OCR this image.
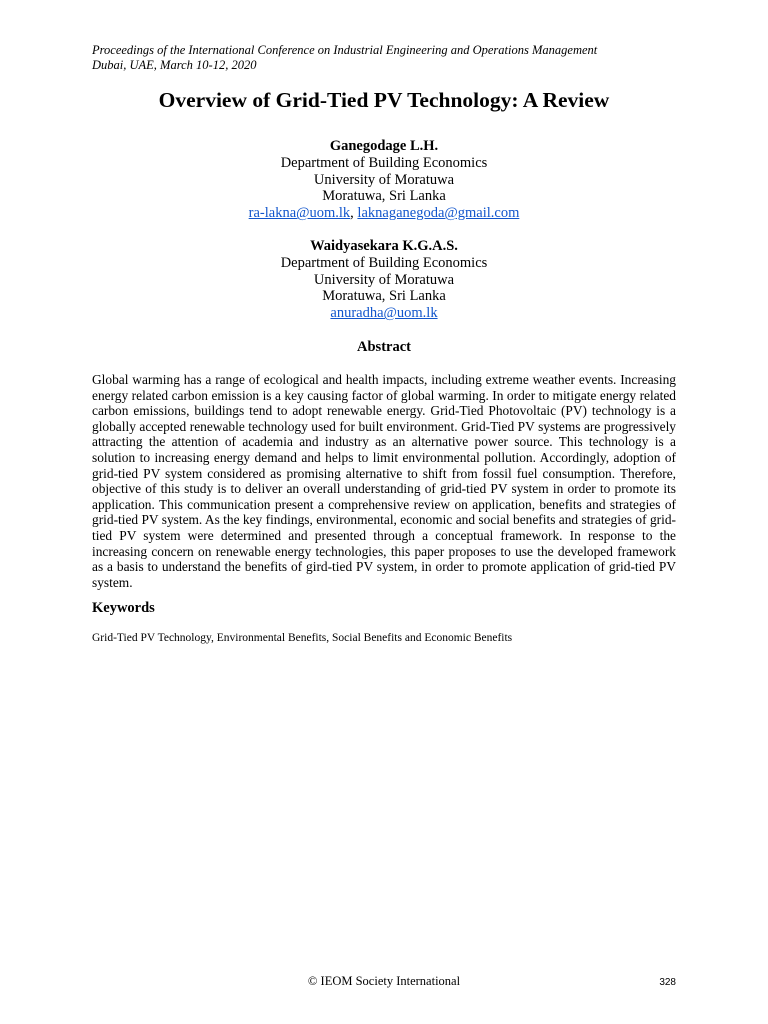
Proceedings of the International Conference on Industrial Engineering and Operations Management
Dubai, UAE, March 10-12, 2020
Overview of Grid-Tied PV Technology: A Review
Ganegodage L.H.
Department of Building Economics
University of Moratuwa
Moratuwa, Sri Lanka
ra-lakna@uom.lk, laknaganegoda@gmail.com
Waidyasekara K.G.A.S.
Department of Building Economics
University of Moratuwa
Moratuwa, Sri Lanka
anuradha@uom.lk
Abstract

Global warming has a range of ecological and health impacts, including extreme weather events. Increasing energy related carbon emission is a key causing factor of global warming. In order to mitigate energy related carbon emissions, buildings tend to adopt renewable energy. Grid-Tied Photovoltaic (PV) technology is a globally accepted renewable technology used for built environment. Grid-Tied PV systems are progressively attracting the attention of academia and industry as an alternative power source. This technology is a solution to increasing energy demand and helps to limit environmental pollution. Accordingly, adoption of grid-tied PV system considered as promising alternative to shift from fossil fuel consumption. Therefore, objective of this study is to deliver an overall understanding of grid-tied PV system in order to promote its application. This communication present a comprehensive review on application, benefits and strategies of grid-tied PV system. As the key findings, environmental, economic and social benefits and strategies of grid-tied PV system were determined and presented through a conceptual framework. In response to the increasing concern on renewable energy technologies, this paper proposes to use the developed framework as a basis to understand the benefits of gird-tied PV system, in order to promote application of grid-tied PV system.

Keywords
Grid-Tied PV Technology, Environmental Benefits, Social Benefits and Economic Benefits
© IEOM Society International	328
